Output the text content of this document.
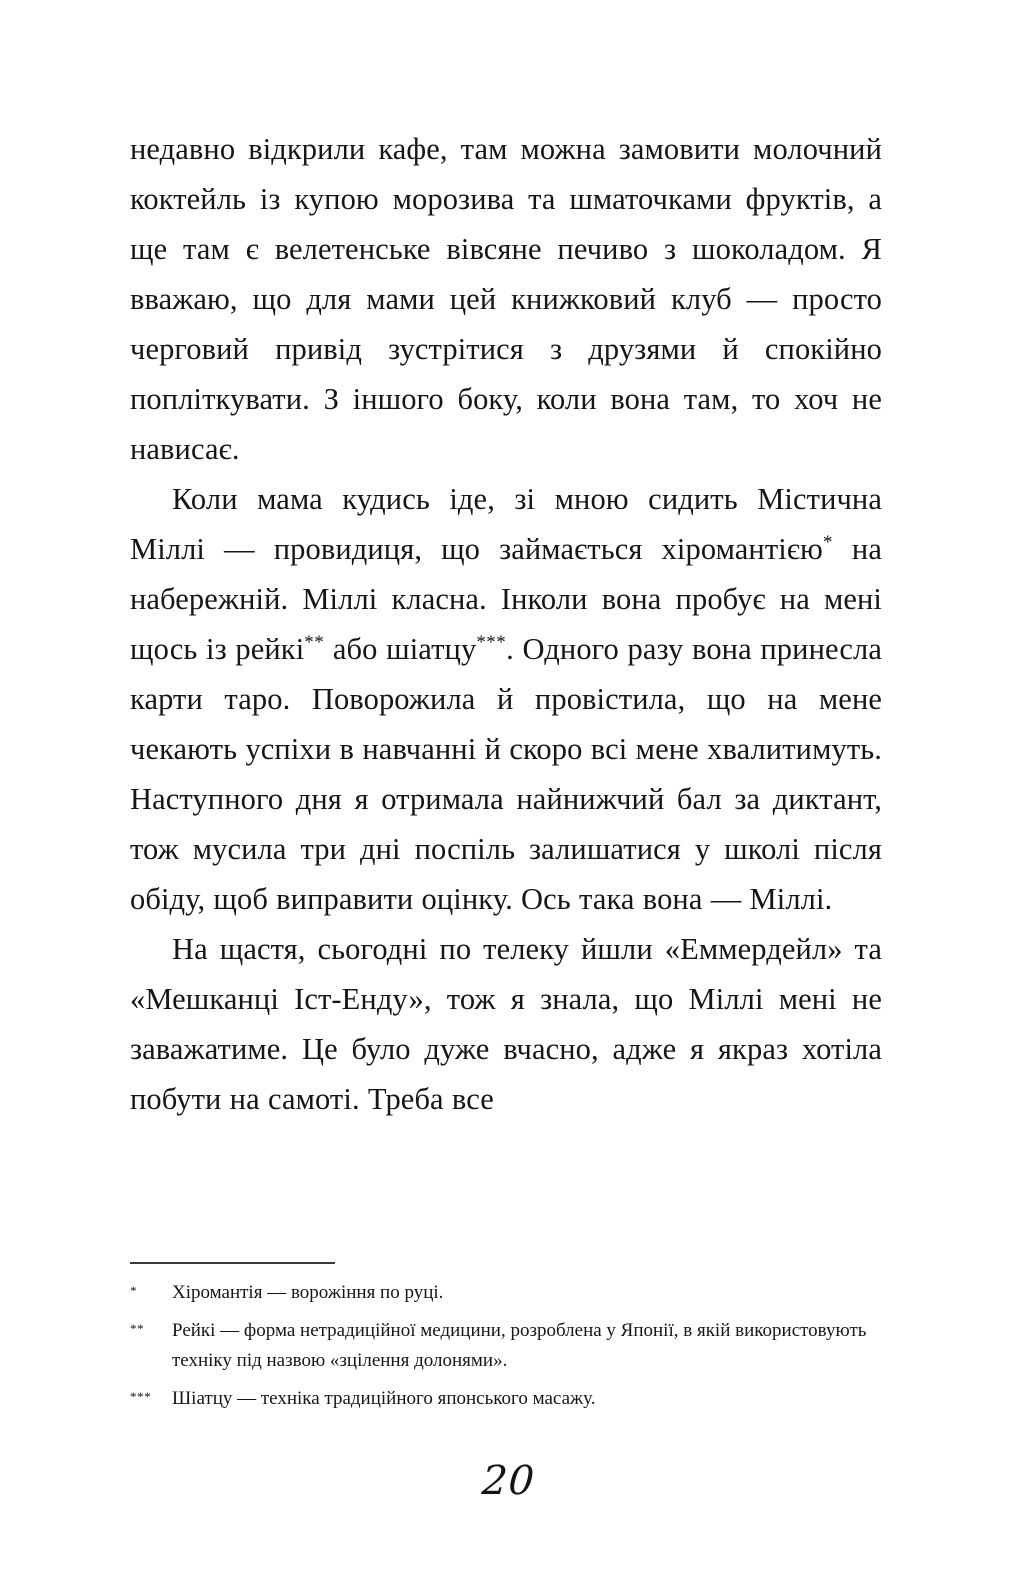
недавно відкрили кафе, там можна замовити молочний коктейль із купою морозива та шматочками фруктів, а ще там є велетенське вівсяне печиво з шоколадом. Я вважаю, що для мами цей книжковий клуб — просто черговий привід зустрітися з друзями й спокійно попліткувати. З іншого боку, коли вона там, то хоч не нависає.

Коли мама кудись іде, зі мною сидить Містична Міллі — провидиця, що займається хіромантією* на набережній. Міллі класна. Інколи вона пробує на мені щось із рейкі** або шіатцу***. Одного разу вона принесла карти таро. Поворожила й провістила, що на мене чекають успіхи в навчанні й скоро всі мене хвалитимуть. Наступного дня я отримала найнижчий бал за диктант, тож мусила три дні поспіль залишатися у школі після обіду, щоб виправити оцінку. Ось така вона — Міллі.

На щастя, сьогодні по телеку йшли «Еммердейл» та «Мешканці Іст-Енду», тож я знала, що Міллі мені не заважатиме. Це було дуже вчасно, адже я якраз хотіла побути на самоті. Треба все

*	Хіромантія — ворожіння по руці.
**	Рейкі — форма нетрадиційної медицини, розроблена у Японії, в якій використовують техніку під назвою «зцілення долонями».
***	Шіатцу — техніка традиційного японського масажу.
20
